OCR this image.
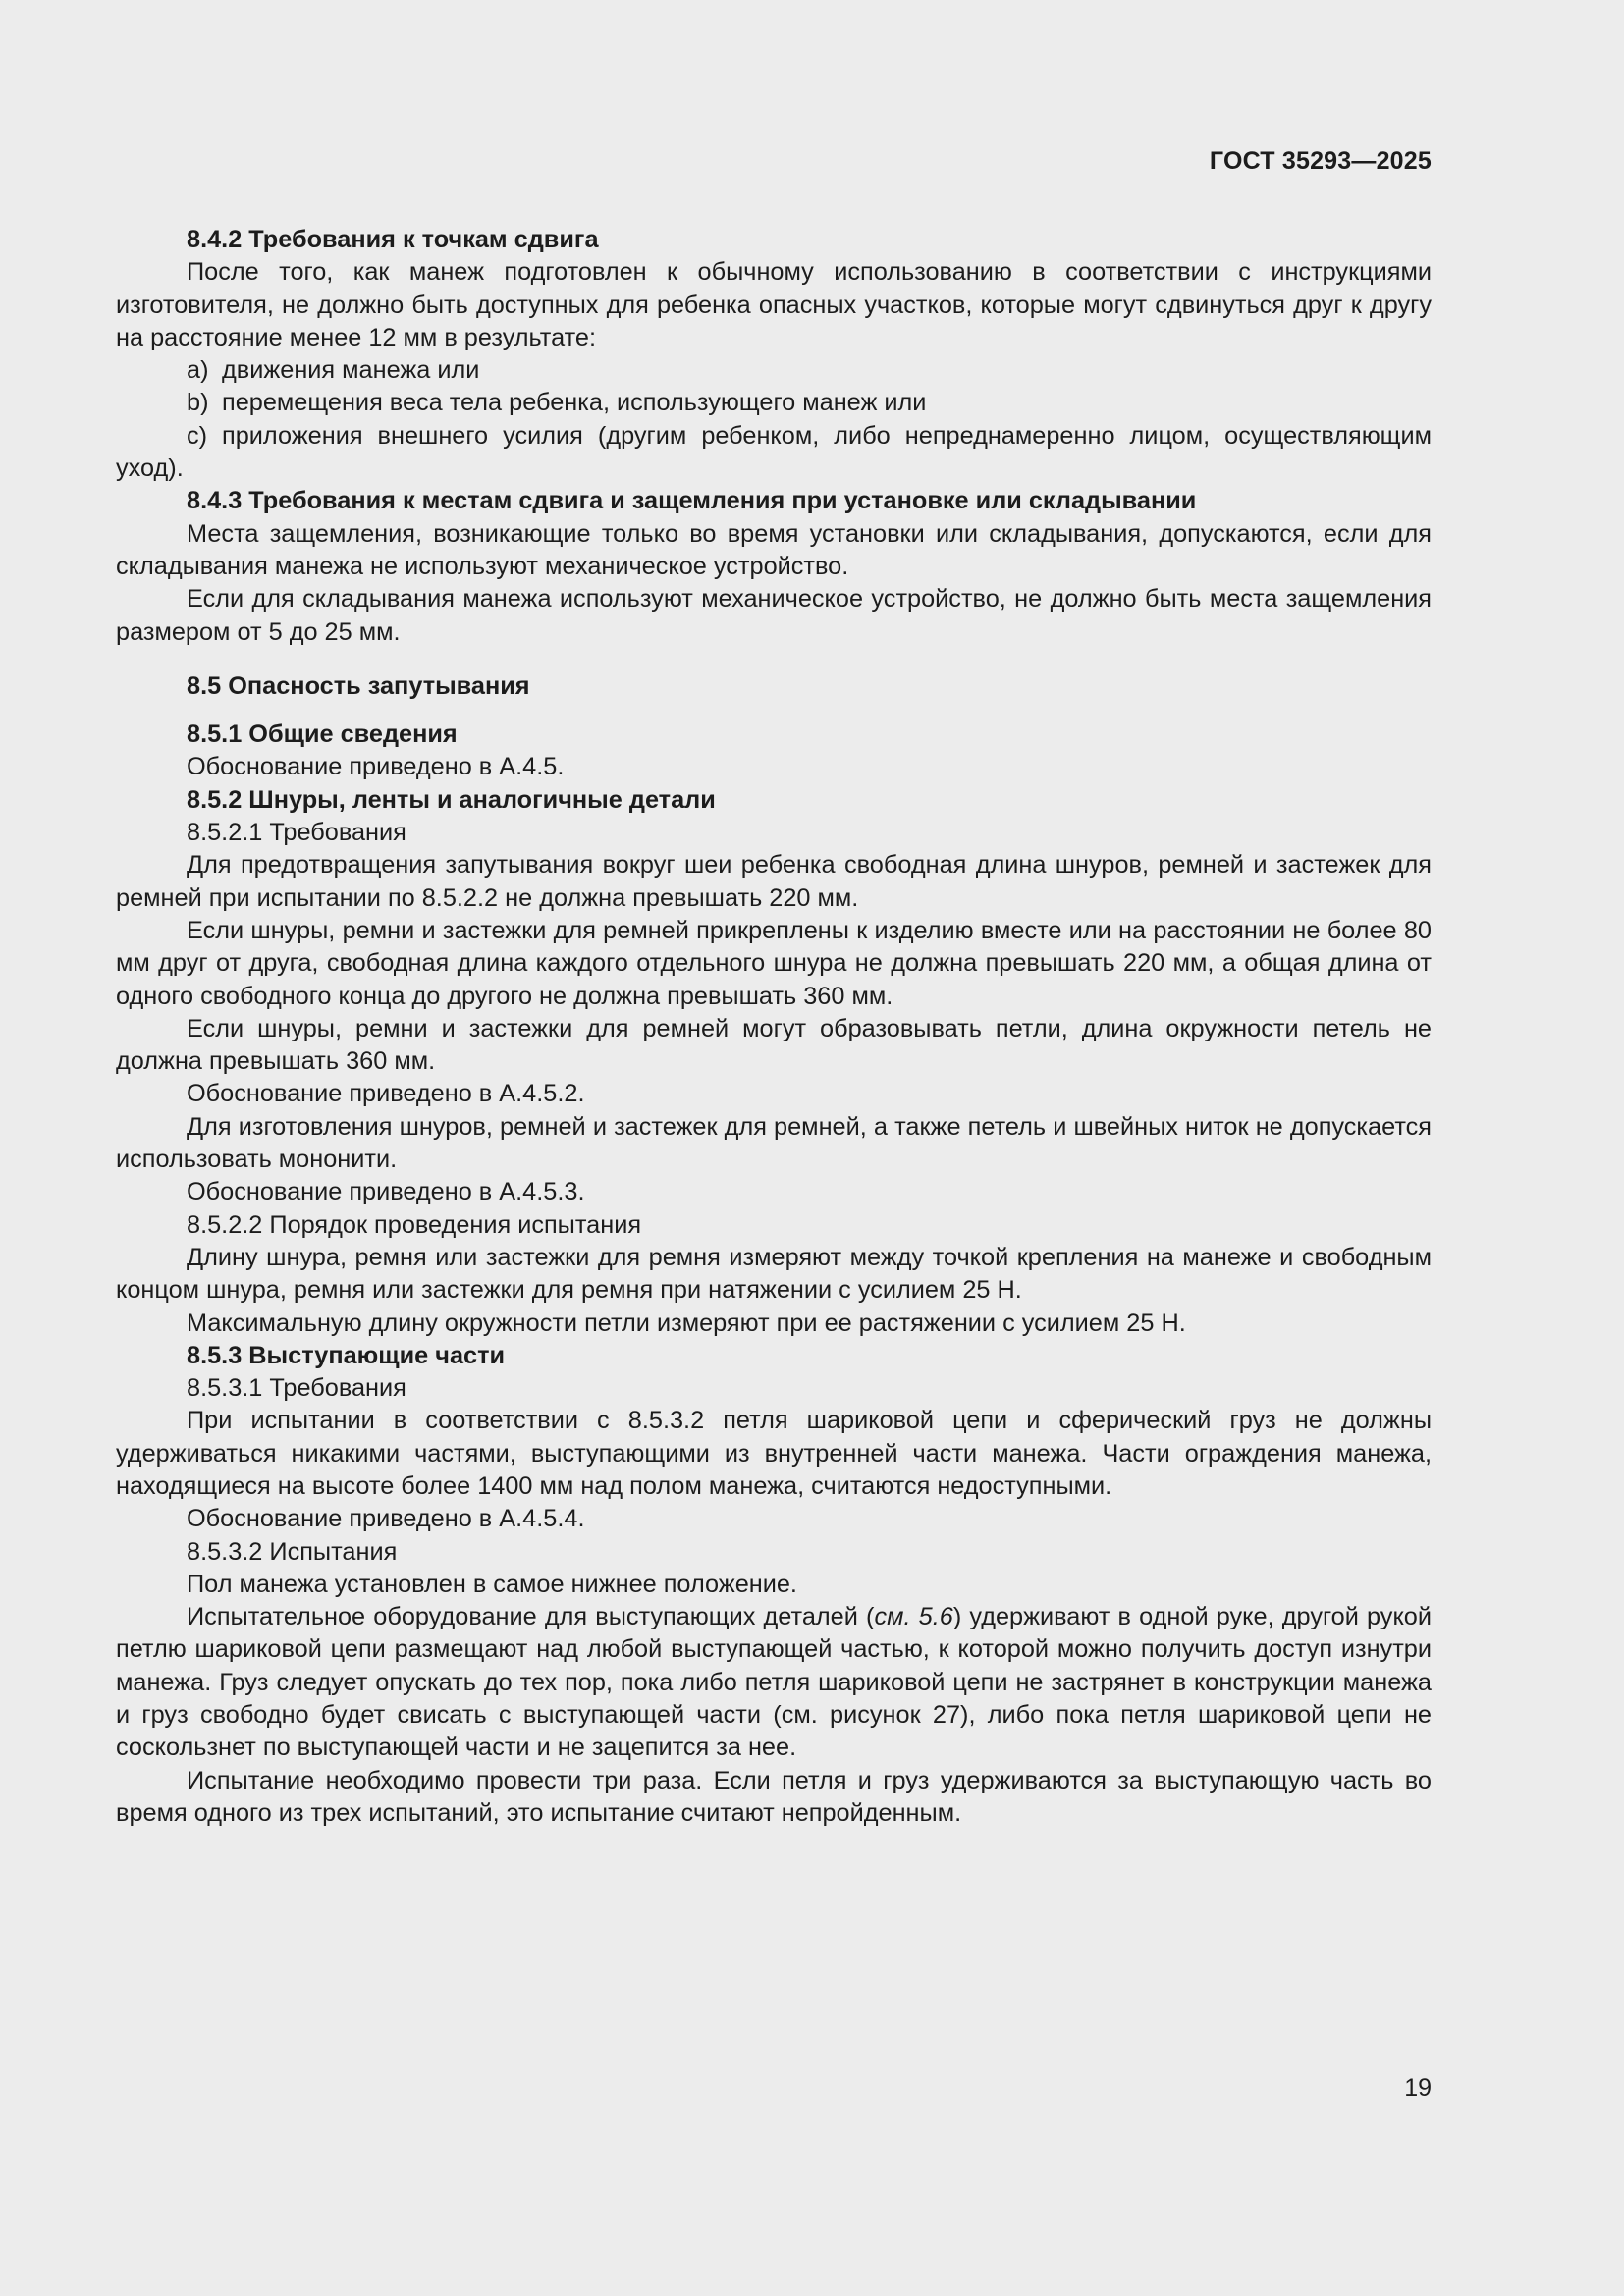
ГОСТ 35293—2025

8.4.2 Требования к точкам сдвига

После того, как манеж подготовлен к обычному использованию в соответствии с инструкциями изготовителя, не должно быть доступных для ребенка опасных участков, которые могут сдвинуться друг к другу на расстояние менее 12 мм в результате:

a) движения манежа или

b) перемещения веса тела ребенка, использующего манеж или

c) приложения внешнего усилия (другим ребенком, либо непреднамеренно лицом, осуществляющим уход).

8.4.3 Требования к местам сдвига и защемления при установке или складывании

Места защемления, возникающие только во время установки или складывания, допускаются, если для складывания манежа не используют механическое устройство.

Если для складывания манежа используют механическое устройство, не должно быть места защемления размером от 5 до 25 мм.

8.5 Опасность запутывания

8.5.1 Общие сведения

Обоснование приведено в А.4.5.

8.5.2 Шнуры, ленты и аналогичные детали

8.5.2.1 Требования

Для предотвращения запутывания вокруг шеи ребенка свободная длина шнуров, ремней и застежек для ремней при испытании по 8.5.2.2 не должна превышать 220 мм.

Если шнуры, ремни и застежки для ремней прикреплены к изделию вместе или на расстоянии не более 80 мм друг от друга, свободная длина каждого отдельного шнура не должна превышать 220 мм, а общая длина от одного свободного конца до другого не должна превышать 360 мм.

Если шнуры, ремни и застежки для ремней могут образовывать петли, длина окружности петель не должна превышать 360 мм.

Обоснование приведено в А.4.5.2.

Для изготовления шнуров, ремней и застежек для ремней, а также петель и швейных ниток не допускается использовать мононити.

Обоснование приведено в А.4.5.3.

8.5.2.2 Порядок проведения испытания

Длину шнура, ремня или застежки для ремня измеряют между точкой крепления на манеже и свободным концом шнура, ремня или застежки для ремня при натяжении с усилием 25 Н.

Максимальную длину окружности петли измеряют при ее растяжении с усилием 25 Н.

8.5.3 Выступающие части

8.5.3.1 Требования

При испытании в соответствии с 8.5.3.2 петля шариковой цепи и сферический груз не должны удерживаться никакими частями, выступающими из внутренней части манежа. Части ограждения манежа, находящиеся на высоте более 1400 мм над полом манежа, считаются недоступными.

Обоснование приведено в А.4.5.4.

8.5.3.2 Испытания

Пол манежа установлен в самое нижнее положение.

Испытательное оборудование для выступающих деталей (см. 5.6) удерживают в одной руке, другой рукой петлю шариковой цепи размещают над любой выступающей частью, к которой можно получить доступ изнутри манежа. Груз следует опускать до тех пор, пока либо петля шариковой цепи не застрянет в конструкции манежа и груз свободно будет свисать с выступающей части (см. рисунок 27), либо пока петля шариковой цепи не соскользнет по выступающей части и не зацепится за нее.

Испытание необходимо провести три раза. Если петля и груз удерживаются за выступающую часть во время одного из трех испытаний, это испытание считают непройденным.

19
